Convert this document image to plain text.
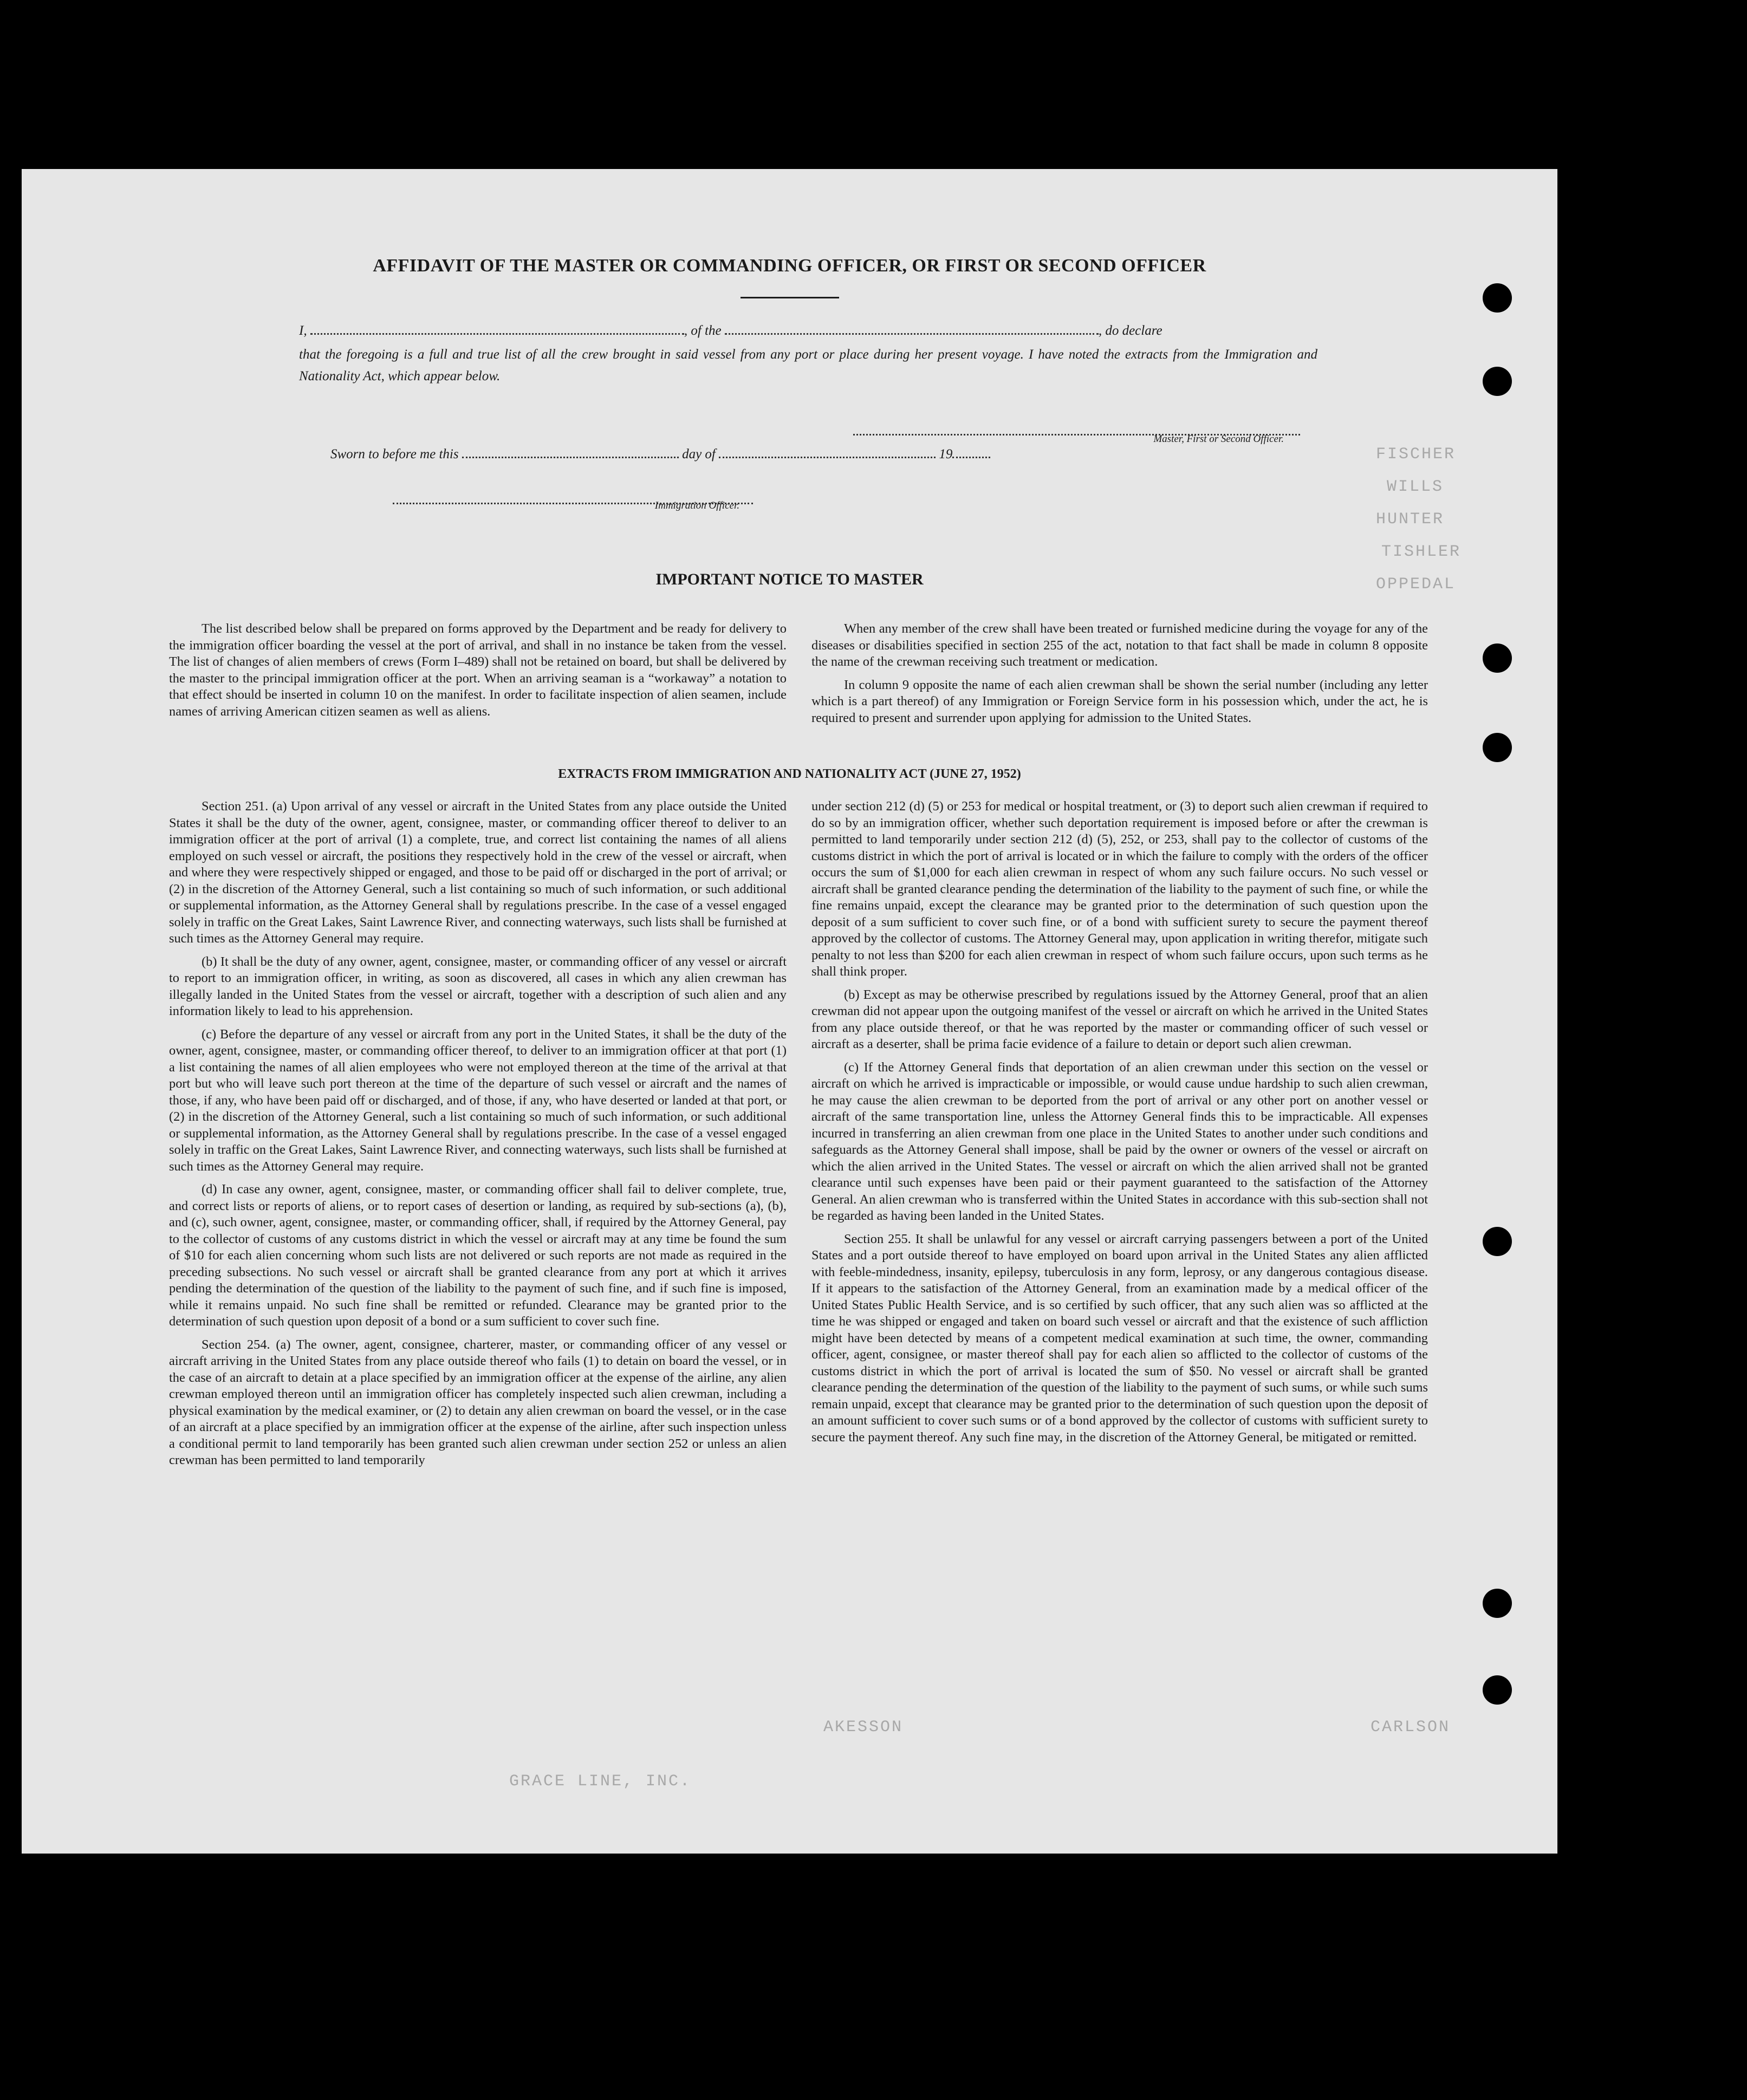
FISCHER
WILLS
HUNTER
TISHLER
OPPEDAL
AKESSON	CARLSON
GRACE LINE, INC.
AFFIDAVIT OF THE MASTER OR COMMANDING OFFICER, OR FIRST OR SECOND OFFICER
I,	, of the	, do declare
that the foregoing is a full and true list of all the crew brought in said vessel from any port or place during her present voyage. I have noted the extracts from the Immigration and Nationality Act, which appear below.
Master, First or Second Officer.
Sworn to before me this	day of	19
Immigration Officer.
IMPORTANT NOTICE TO MASTER

The list described below shall be prepared on forms approved by the Department and be ready for delivery to the immigration officer boarding the vessel at the port of arrival, and shall in no instance be taken from the vessel. The list of changes of alien members of crews (Form I–489) shall not be retained on board, but shall be delivered by the master to the principal immigration officer at the port. When an arriving seaman is a “workaway” a notation to that effect should be inserted in column 10 on the manifest. In order to facilitate inspection of alien seamen, include names of arriving American citizen seamen as well as aliens.

When any member of the crew shall have been treated or furnished medicine during the voyage for any of the diseases or disabilities specified in section 255 of the act, notation to that fact shall be made in column 8 opposite the name of the crewman receiving such treatment or medication.

In column 9 opposite the name of each alien crewman shall be shown the serial number (including any letter which is a part thereof) of any Immigration or Foreign Service form in his possession which, under the act, he is required to present and surrender upon applying for admission to the United States.

EXTRACTS FROM IMMIGRATION AND NATIONALITY ACT (JUNE 27, 1952)

Section 251. (a) Upon arrival of any vessel or aircraft in the United States from any place outside the United States it shall be the duty of the owner, agent, consignee, master, or commanding officer thereof to deliver to an immigration officer at the port of arrival (1) a complete, true, and correct list containing the names of all aliens employed on such vessel or aircraft, the positions they respectively hold in the crew of the vessel or aircraft, when and where they were respectively shipped or engaged, and those to be paid off or discharged in the port of arrival; or (2) in the discretion of the Attorney General, such a list containing so much of such information, or such additional or supplemental information, as the Attorney General shall by regulations prescribe. In the case of a vessel engaged solely in traffic on the Great Lakes, Saint Lawrence River, and connecting waterways, such lists shall be furnished at such times as the Attorney General may require.

(b) It shall be the duty of any owner, agent, consignee, master, or commanding officer of any vessel or aircraft to report to an immigration officer, in writing, as soon as discovered, all cases in which any alien crewman has illegally landed in the United States from the vessel or aircraft, together with a description of such alien and any information likely to lead to his apprehension.

(c) Before the departure of any vessel or aircraft from any port in the United States, it shall be the duty of the owner, agent, consignee, master, or commanding officer thereof, to deliver to an immigration officer at that port (1) a list containing the names of all alien employees who were not employed thereon at the time of the arrival at that port but who will leave such port thereon at the time of the departure of such vessel or aircraft and the names of those, if any, who have been paid off or discharged, and of those, if any, who have deserted or landed at that port, or (2) in the discretion of the Attorney General, such a list containing so much of such information, or such additional or supplemental information, as the Attorney General shall by regulations prescribe. In the case of a vessel engaged solely in traffic on the Great Lakes, Saint Lawrence River, and connecting waterways, such lists shall be furnished at such times as the Attorney General may require.

(d) In case any owner, agent, consignee, master, or commanding officer shall fail to deliver complete, true, and correct lists or reports of aliens, or to report cases of desertion or landing, as required by sub-sections (a), (b), and (c), such owner, agent, consignee, master, or commanding officer, shall, if required by the Attorney General, pay to the collector of customs of any customs district in which the vessel or aircraft may at any time be found the sum of $10 for each alien concerning whom such lists are not delivered or such reports are not made as required in the preceding subsections. No such vessel or aircraft shall be granted clearance from any port at which it arrives pending the determination of the question of the liability to the payment of such fine, and if such fine is imposed, while it remains unpaid. No such fine shall be remitted or refunded. Clearance may be granted prior to the determination of such question upon deposit of a bond or a sum sufficient to cover such fine.

Section 254. (a) The owner, agent, consignee, charterer, master, or commanding officer of any vessel or aircraft arriving in the United States from any place outside thereof who fails (1) to detain on board the vessel, or in the case of an aircraft to detain at a place specified by an immigration officer at the expense of the airline, any alien crewman employed thereon until an immigration officer has completely inspected such alien crewman, including a physical examination by the medical examiner, or (2) to detain any alien crewman on board the vessel, or in the case of an aircraft at a place specified by an immigration officer at the expense of the airline, after such inspection unless a conditional permit to land temporarily has been granted such alien crewman under section 252 or unless an alien crewman has been permitted to land temporarily

under section 212 (d) (5) or 253 for medical or hospital treatment, or (3) to deport such alien crewman if required to do so by an immigration officer, whether such deportation requirement is imposed before or after the crewman is permitted to land temporarily under section 212 (d) (5), 252, or 253, shall pay to the collector of customs of the customs district in which the port of arrival is located or in which the failure to comply with the orders of the officer occurs the sum of $1,000 for each alien crewman in respect of whom any such failure occurs. No such vessel or aircraft shall be granted clearance pending the determination of the liability to the payment of such fine, or while the fine remains unpaid, except the clearance may be granted prior to the determination of such question upon the deposit of a sum sufficient to cover such fine, or of a bond with sufficient surety to secure the payment thereof approved by the collector of customs. The Attorney General may, upon application in writing therefor, mitigate such penalty to not less than $200 for each alien crewman in respect of whom such failure occurs, upon such terms as he shall think proper.

(b) Except as may be otherwise prescribed by regulations issued by the Attorney General, proof that an alien crewman did not appear upon the outgoing manifest of the vessel or aircraft on which he arrived in the United States from any place outside thereof, or that he was reported by the master or commanding officer of such vessel or aircraft as a deserter, shall be prima facie evidence of a failure to detain or deport such alien crewman.

(c) If the Attorney General finds that deportation of an alien crewman under this section on the vessel or aircraft on which he arrived is impracticable or impossible, or would cause undue hardship to such alien crewman, he may cause the alien crewman to be deported from the port of arrival or any other port on another vessel or aircraft of the same transportation line, unless the Attorney General finds this to be impracticable. All expenses incurred in transferring an alien crewman from one place in the United States to another under such conditions and safeguards as the Attorney General shall impose, shall be paid by the owner or owners of the vessel or aircraft on which the alien arrived in the United States. The vessel or aircraft on which the alien arrived shall not be granted clearance until such expenses have been paid or their payment guaranteed to the satisfaction of the Attorney General. An alien crewman who is transferred within the United States in accordance with this sub-section shall not be regarded as having been landed in the United States.

Section 255. It shall be unlawful for any vessel or aircraft carrying passengers between a port of the United States and a port outside thereof to have employed on board upon arrival in the United States any alien afflicted with feeble-mindedness, insanity, epilepsy, tuberculosis in any form, leprosy, or any dangerous contagious disease. If it appears to the satisfaction of the Attorney General, from an examination made by a medical officer of the United States Public Health Service, and is so certified by such officer, that any such alien was so afflicted at the time he was shipped or engaged and taken on board such vessel or aircraft and that the existence of such affliction might have been detected by means of a competent medical examination at such time, the owner, commanding officer, agent, consignee, or master thereof shall pay for each alien so afflicted to the collector of customs of the customs district in which the port of arrival is located the sum of $50. No vessel or aircraft shall be granted clearance pending the determination of the question of the liability to the payment of such sums, or while such sums remain unpaid, except that clearance may be granted prior to the determination of such question upon the deposit of an amount sufficient to cover such sums or of a bond approved by the collector of customs with sufficient surety to secure the payment thereof. Any such fine may, in the discretion of the Attorney General, be mitigated or remitted.
